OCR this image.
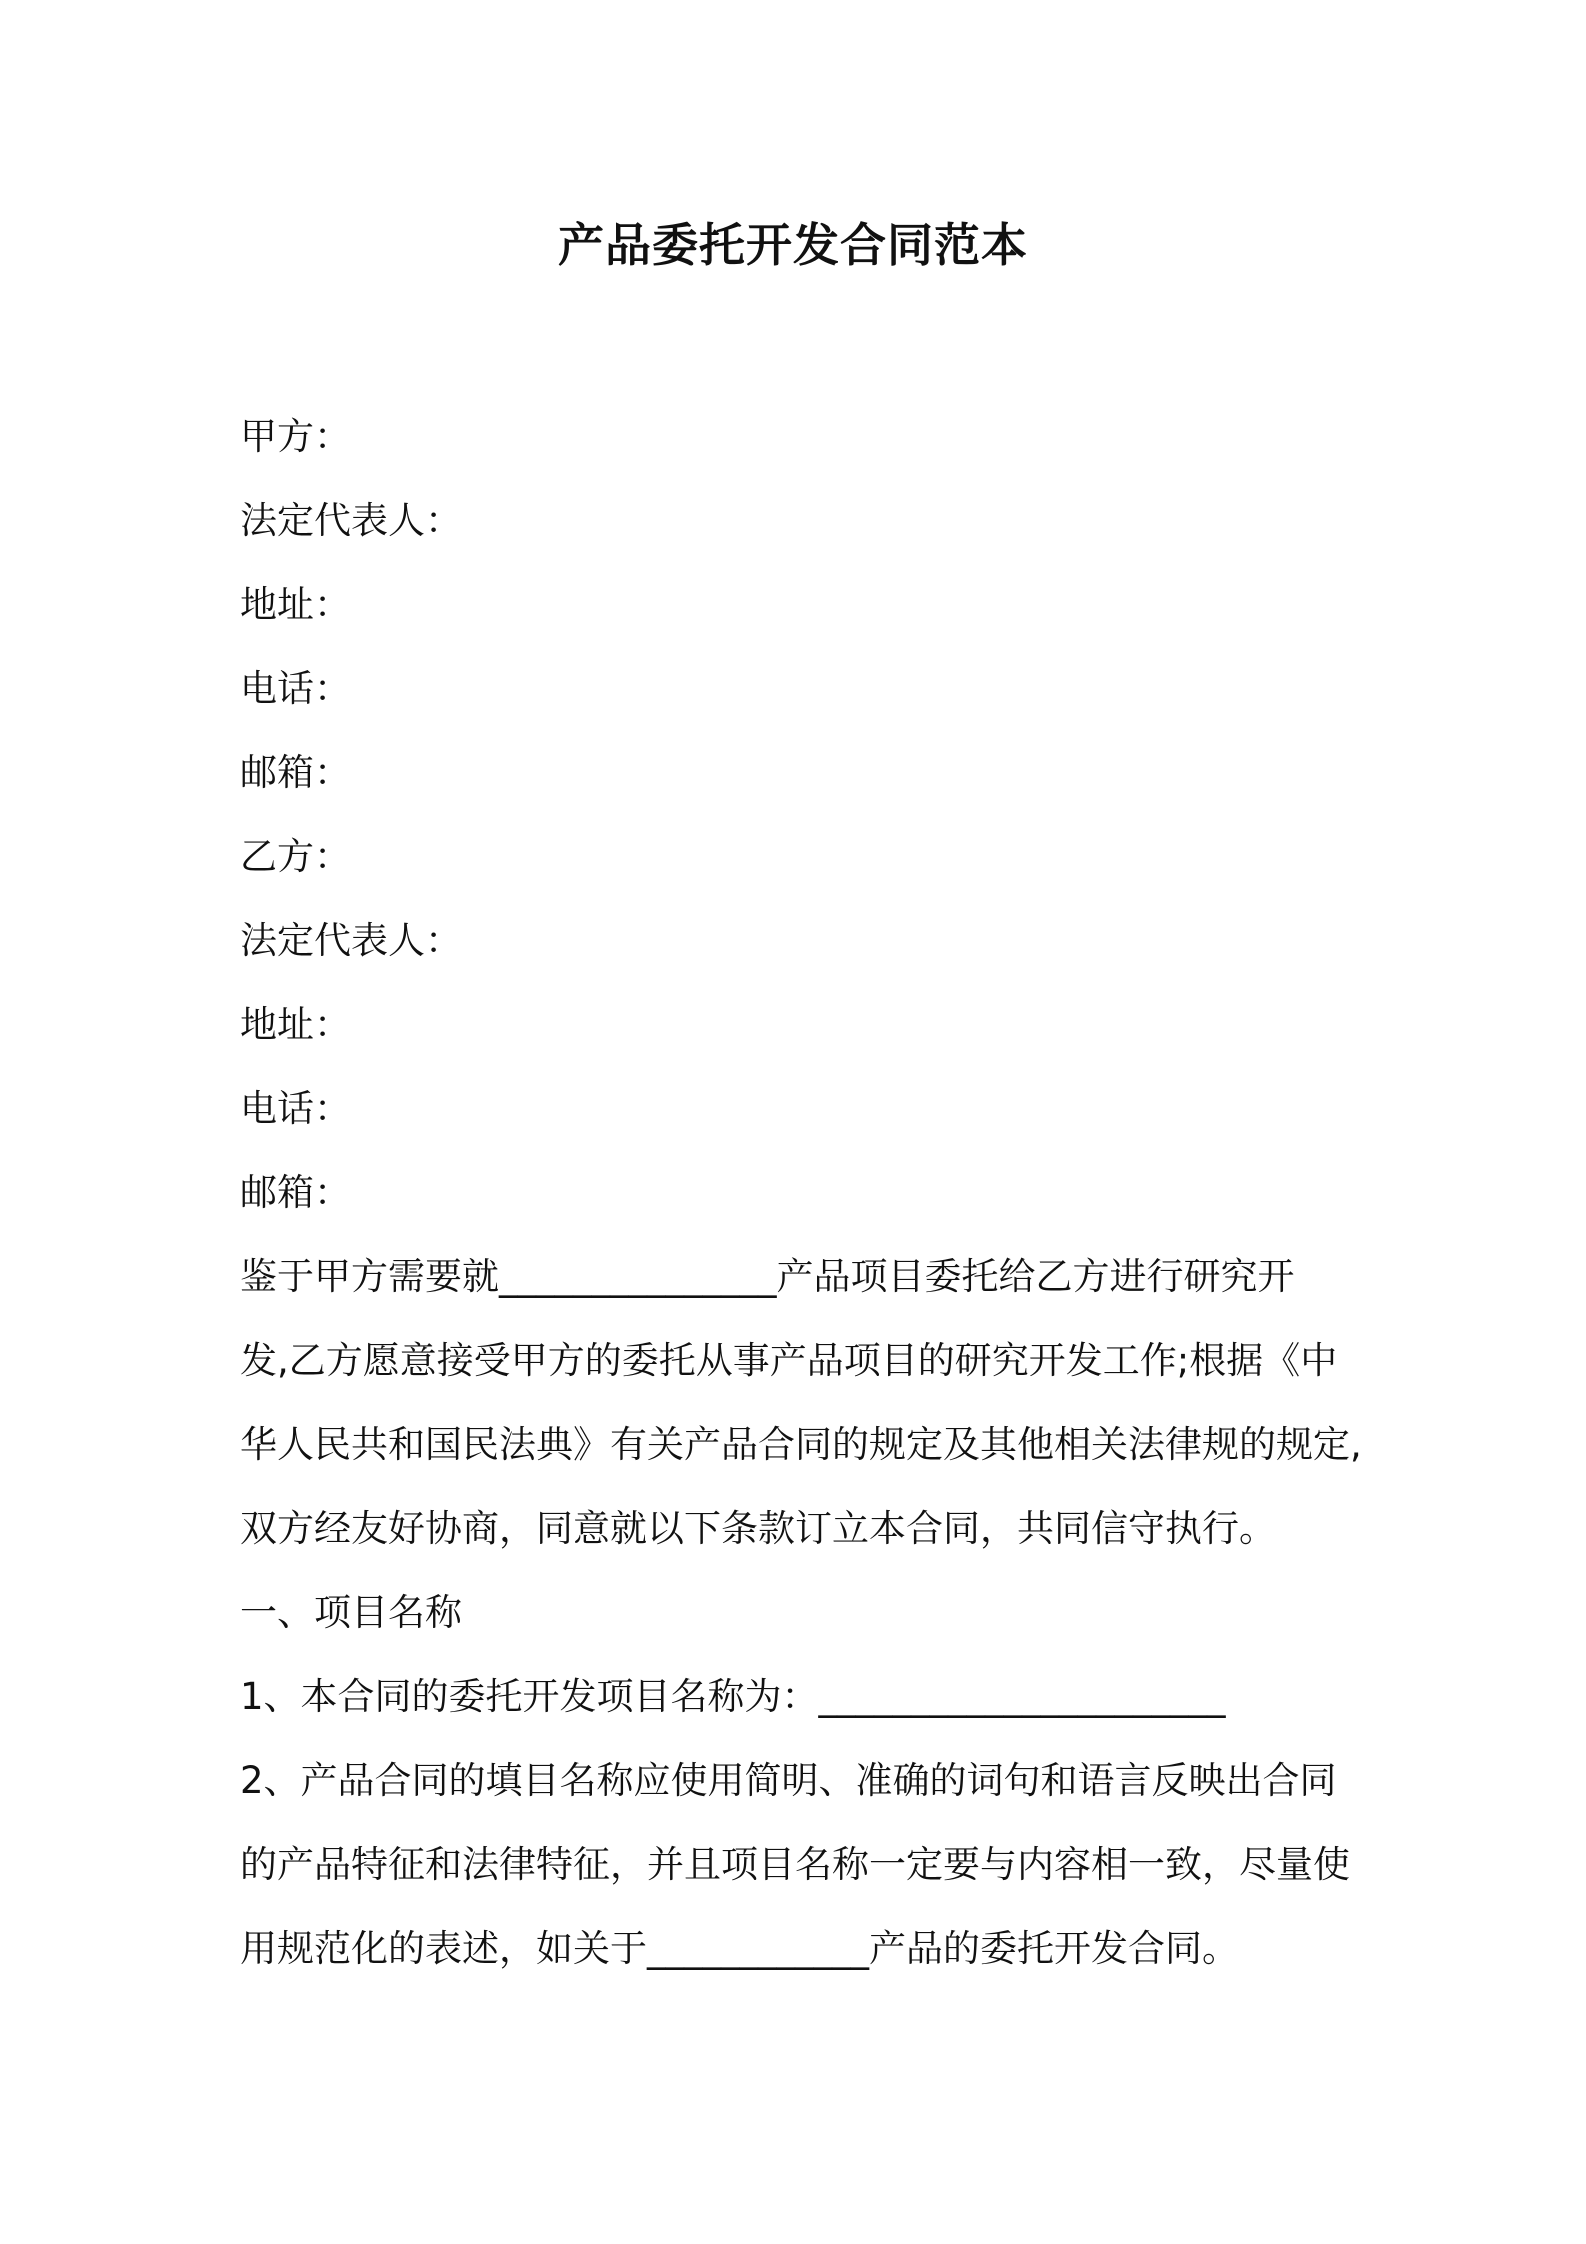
产品委托开发合同范本
甲方：
法定代表人：
地址：
电话：
邮箱：
乙方：
法定代表人：
地址：
电话：
邮箱：
鉴于甲方需要就_______________产品项目委托给乙方进行研究开
发,乙方愿意接受甲方的委托从事产品项目的研究开发工作;根据《中
华人民共和国民法典》有关产品合同的规定及其他相关法律规的规定,
双方经友好协商，同意就以下条款订立本合同，共同信守执行。
一、项目名称
1、本合同的委托开发项目名称为：______________________
2、产品合同的填目名称应使用简明、准确的词句和语言反映出合同
的产品特征和法律特征，并且项目名称一定要与内容相一致，尽量使
用规范化的表述，如关于____________产品的委托开发合同。
